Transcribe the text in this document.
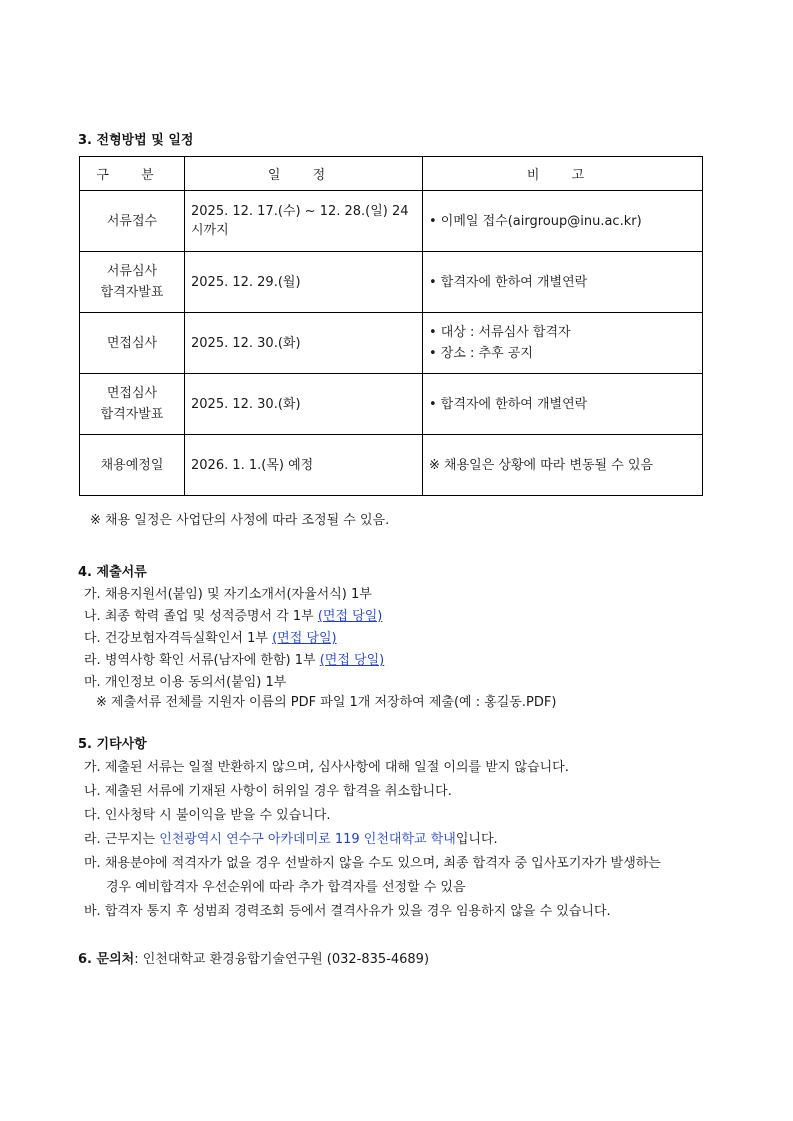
3. 전형방법 및 일정
구 분	일 정	비 고

서류접수	2025. 12. 17.(수) ~ 12. 28.(일) 24시까지	• 이메일 접수(airgroup@inu.ac.kr)

서류심사
합격자발표	2025. 12. 29.(월)	• 합격자에 한하여 개별연락

면접심사	2025. 12. 30.(화)	• 대상 : 서류심사 합격자
• 장소 : 추후 공지

면접심사
합격자발표	2025. 12. 30.(화)	• 합격자에 한하여 개별연락

채용예정일	2026. 1. 1.(목) 예정	※ 채용일은 상황에 따라 변동될 수 있음
※ 채용 일정은 사업단의 사정에 따라 조정될 수 있음.
4. 제출서류
가. 채용지원서(붙임) 및 자기소개서(자율서식) 1부
나. 최종 학력 졸업 및 성적증명서 각 1부 (면접 당일)
다. 건강보험자격득실확인서 1부 (면접 당일)
라. 병역사항 확인 서류(남자에 한함) 1부 (면접 당일)
마. 개인정보 이용 동의서(붙임) 1부
※ 제출서류 전체를 지원자 이름의 PDF 파일 1개 저장하여 제출(예 : 홍길동.PDF)
5. 기타사항
가. 제출된 서류는 일절 반환하지 않으며, 심사사항에 대해 일절 이의를 받지 않습니다.
나. 제출된 서류에 기재된 사항이 허위일 경우 합격을 취소합니다.
다. 인사청탁 시 불이익을 받을 수 있습니다.
라. 근무지는 인천광역시 연수구 아카데미로 119 인천대학교 학내입니다.
마. 채용분야에 적격자가 없을 경우 선발하지 않을 수도 있으며, 최종 합격자 중 입사포기자가 발생하는
경우 예비합격자 우선순위에 따라 추가 합격자를 선정할 수 있음
바. 합격자 통지 후 성범죄 경력조회 등에서 결격사유가 있을 경우 임용하지 않을 수 있습니다.
6. 문의처: 인천대학교 환경융합기술연구원 (032-835-4689)
